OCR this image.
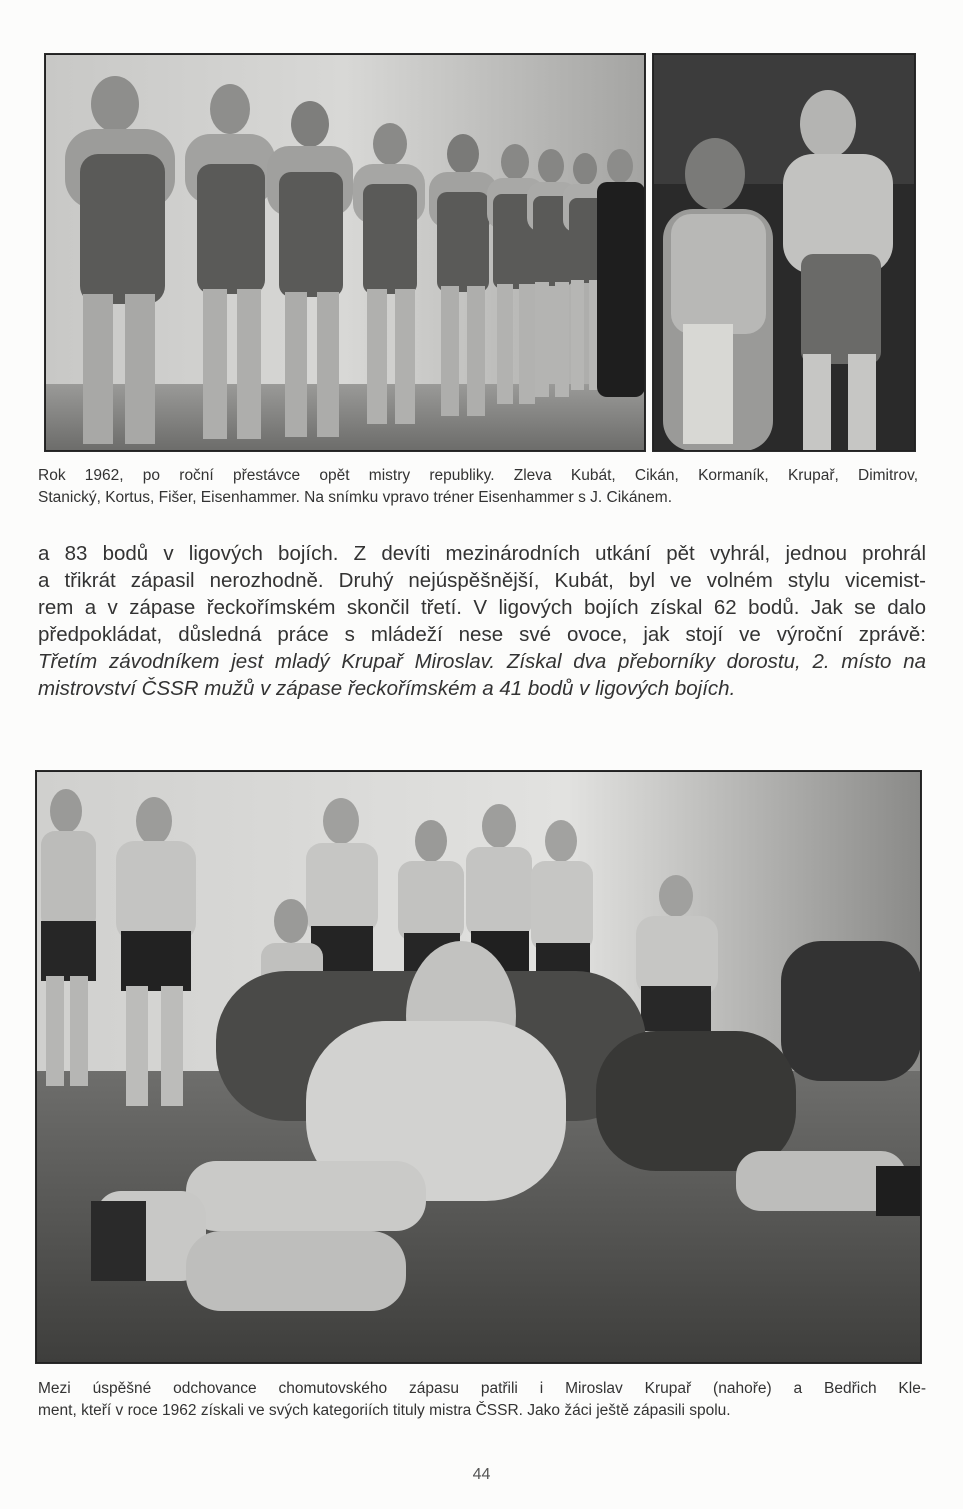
Rok 1962, po roční přestávce opět mistry republiky. Zleva Kubát, Cikán, Kormaník, Krupař, Dimitrov,
Stanický, Kortus, Fišer, Eisenhammer. Na snímku vpravo tréner Eisenhammer s J. Cikánem.
a 83 bodů v ligových bojích. Z devíti mezinárodních utkání pět vyhrál, jednou prohrál
a třikrát zápasil nerozhodně. Druhý nejúspěšnější, Kubát, byl ve volném stylu vicemist-
rem a v zápase řeckořímském skončil třetí. V ligových bojích získal 62 bodů. Jak se dalo
předpokládat, důsledná práce s mládeží nese své ovoce, jak stojí ve výroční zprávě:
Třetím závodníkem jest mladý Krupař Miroslav. Získal dva přeborníky dorostu, 2. místo na
mistrovství ČSSR mužů v zápase řeckořímském a 41 bodů v ligových bojích.
Mezi úspěšné odchovance chomutovského zápasu patřili i Miroslav Krupař (nahoře) a Bedřich Kle-
ment, kteří v roce 1962 získali ve svých kategoriích tituly mistra ČSSR. Jako žáci ještě zápasili spolu.
44
